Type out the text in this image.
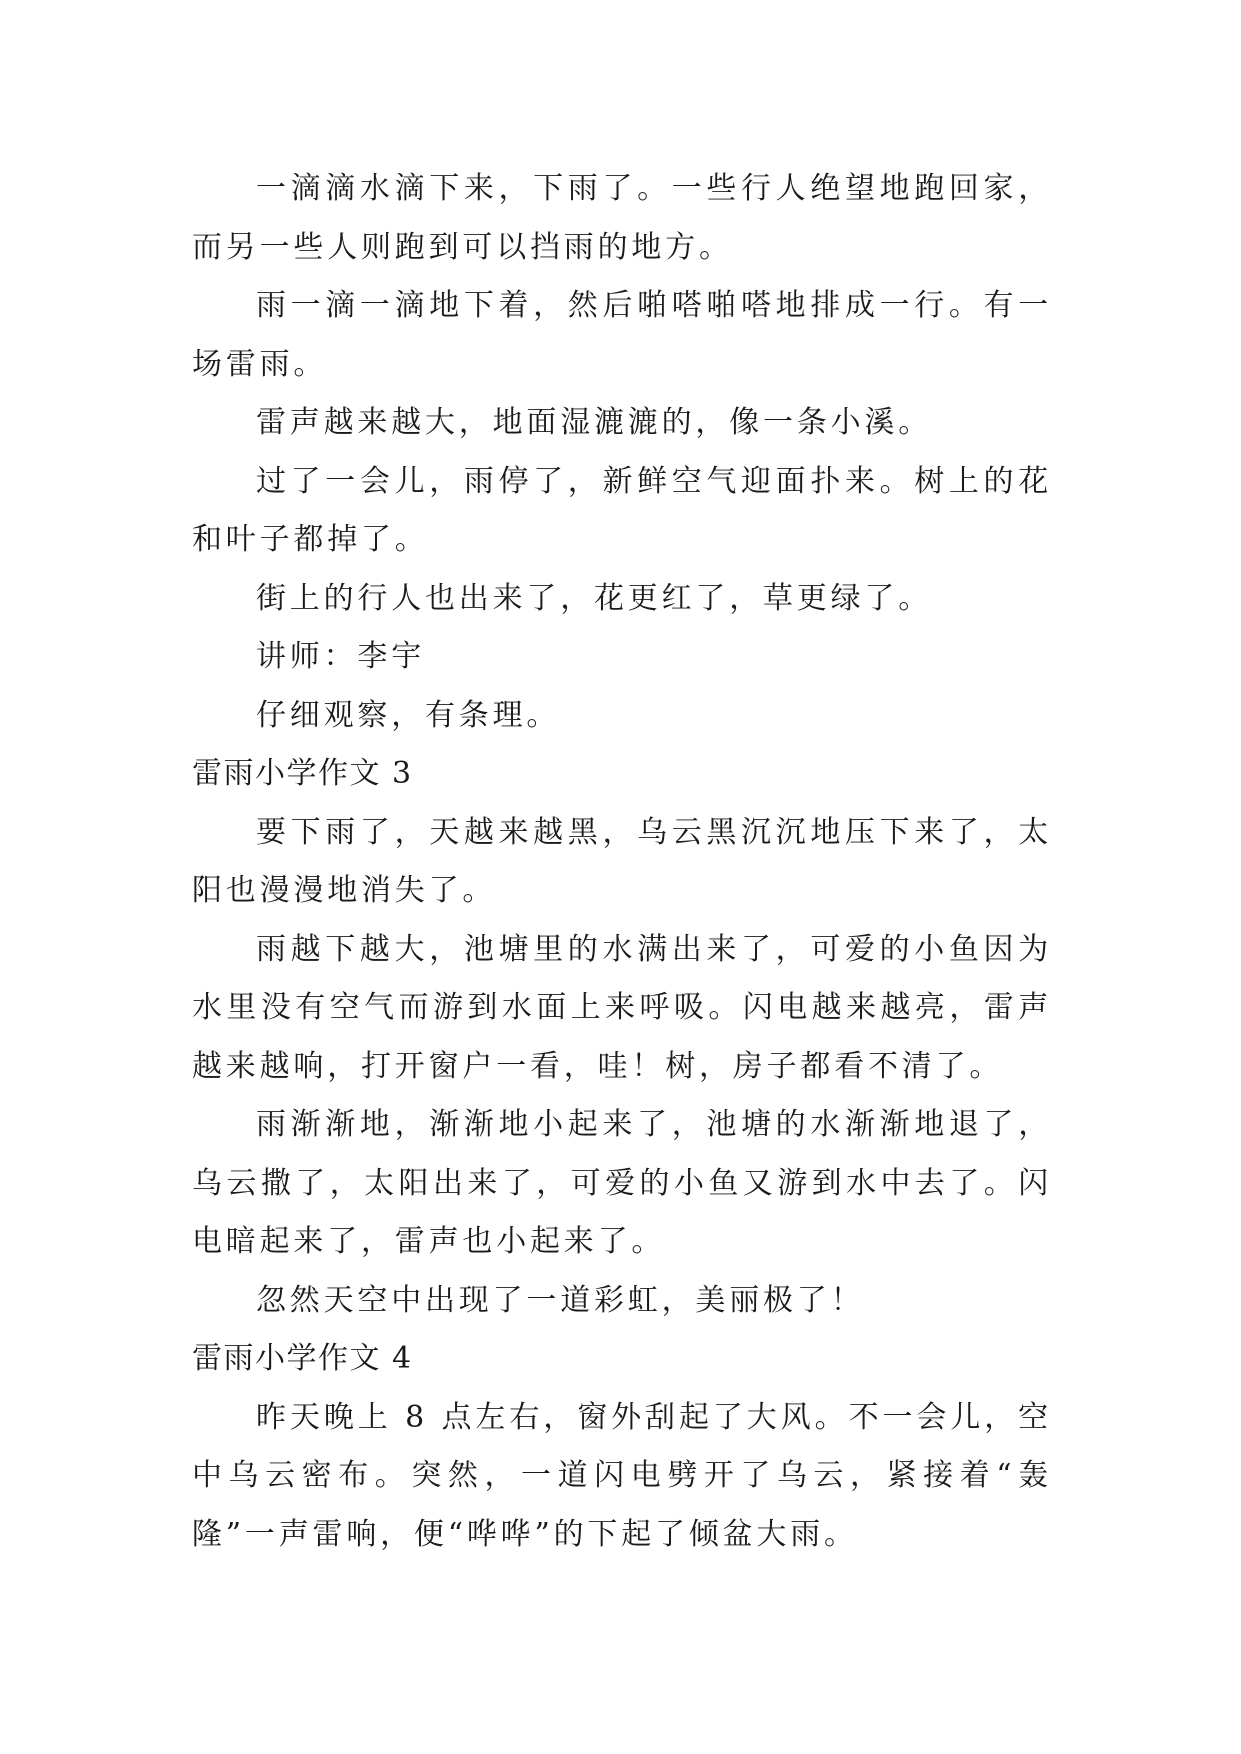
一滴滴水滴下来，下雨了。一些行人绝望地跑回家，而另一些人则跑到可以挡雨的地方。

雨一滴一滴地下着，然后啪嗒啪嗒地排成一行。有一场雷雨。

雷声越来越大，地面湿漉漉的，像一条小溪。

过了一会儿，雨停了，新鲜空气迎面扑来。树上的花和叶子都掉了。

街上的行人也出来了，花更红了，草更绿了。

讲师：李宇

仔细观察，有条理。

雷雨小学作文 3

要下雨了，天越来越黑，乌云黑沉沉地压下来了，太阳也漫漫地消失了。

雨越下越大，池塘里的水满出来了，可爱的小鱼因为水里没有空气而游到水面上来呼吸。闪电越来越亮，雷声越来越响，打开窗户一看，哇！树，房子都看不清了。

雨渐渐地，渐渐地小起来了，池塘的水渐渐地退了，乌云撒了，太阳出来了，可爱的小鱼又游到水中去了。闪电暗起来了，雷声也小起来了。

忽然天空中出现了一道彩虹，美丽极了！

雷雨小学作文 4

昨天晚上 8 点左右，窗外刮起了大风。不一会儿，空中乌云密布。突然，一道闪电劈开了乌云，紧接着“轰隆”一声雷响，便“哗哗”的下起了倾盆大雨。
